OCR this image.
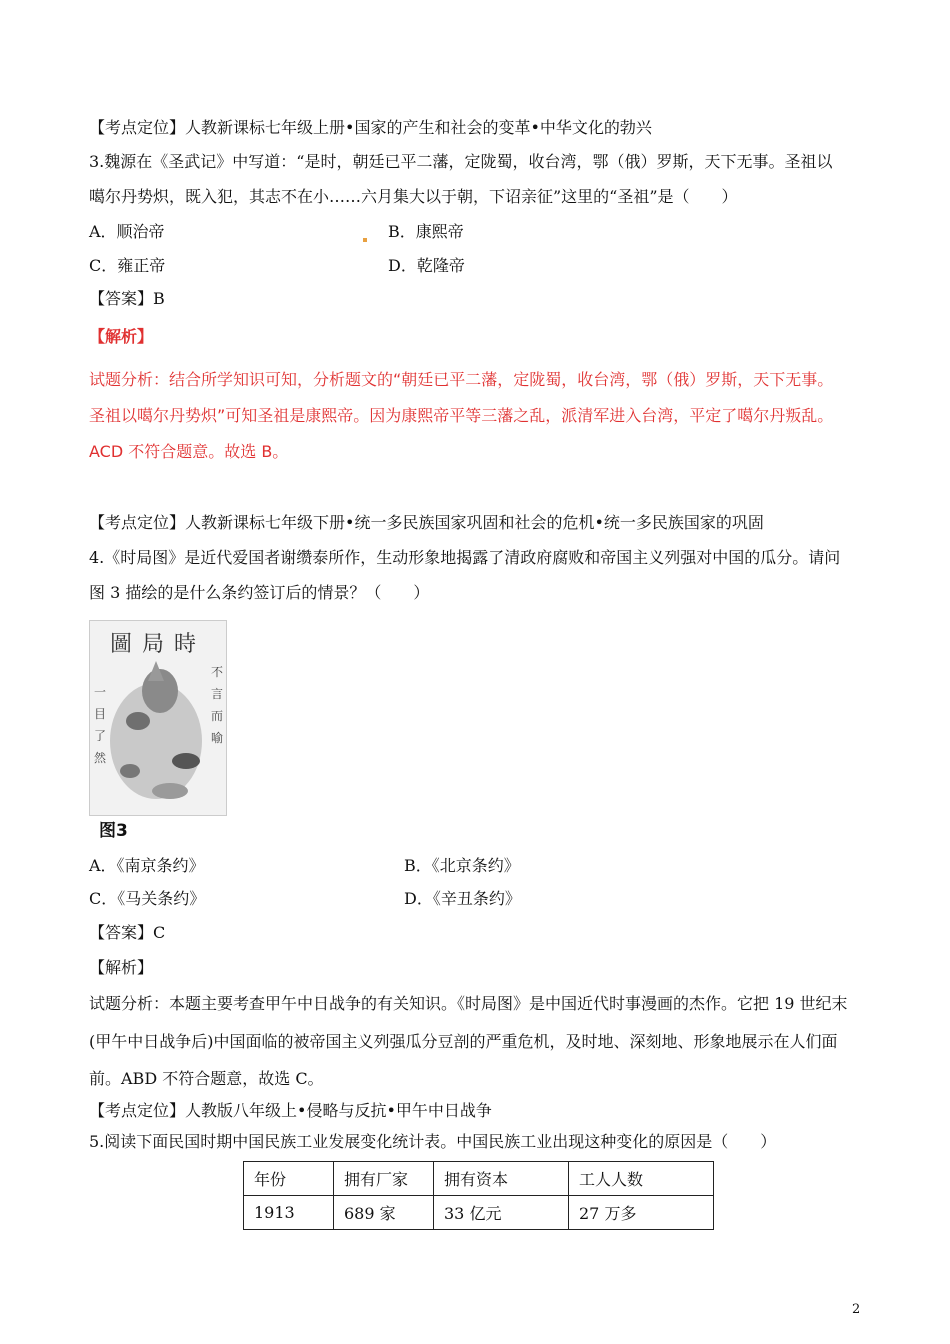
【考点定位】人教新课标七年级上册•国家的产生和社会的变革•中华文化的勃兴
3.魏源在《圣武记》中写道：“是时，朝廷已平二藩，定陇蜀，收台湾，鄂（俄）罗斯，天下无事。圣祖以
噶尔丹势炽，既入犯，其志不在小……六月集大以于朝，下诏亲征”这里的“圣祖”是（　　）
A．顺治帝	B．康熙帝
C．雍正帝	D．乾隆帝
【答案】B
【解析】
试题分析：结合所学知识可知，分析题文的“朝廷已平二藩，定陇蜀，收台湾，鄂（俄）罗斯，天下无事。
圣祖以噶尔丹势炽”可知圣祖是康熙帝。因为康熙帝平等三藩之乱，派清军进入台湾，平定了噶尔丹叛乱。
ACD 不符合题意。故选 B。
【考点定位】人教新课标七年级下册•统一多民族国家巩固和社会的危机•统一多民族国家的巩固
4.《时局图》是近代爱国者谢缵泰所作，生动形象地揭露了清政府腐败和帝国主义列强对中国的瓜分。请问
图 3 描绘的是什么条约签订后的情景？（　　）
圖局時
不言而喻
一目了然
图3
A．《南京条约》	B．《北京条约》
C．《马关条约》	D．《辛丑条约》
【答案】C
【解析】
试题分析：本题主要考查甲午中日战争的有关知识。《时局图》是中国近代时事漫画的杰作。它把 19 世纪末
(甲午中日战争后)中国面临的被帝国主义列强瓜分豆剖的严重危机，及时地、深刻地、形象地展示在人们面
前。ABD 不符合题意，故选 C。
【考点定位】人教版八年级上•侵略与反抗•甲午中日战争
5.阅读下面民国时期中国民族工业发展变化统计表。中国民族工业出现这种变化的原因是（　　）
年份	拥有厂家	拥有资本	工人人数
1913	689 家	33 亿元	27 万多
2
